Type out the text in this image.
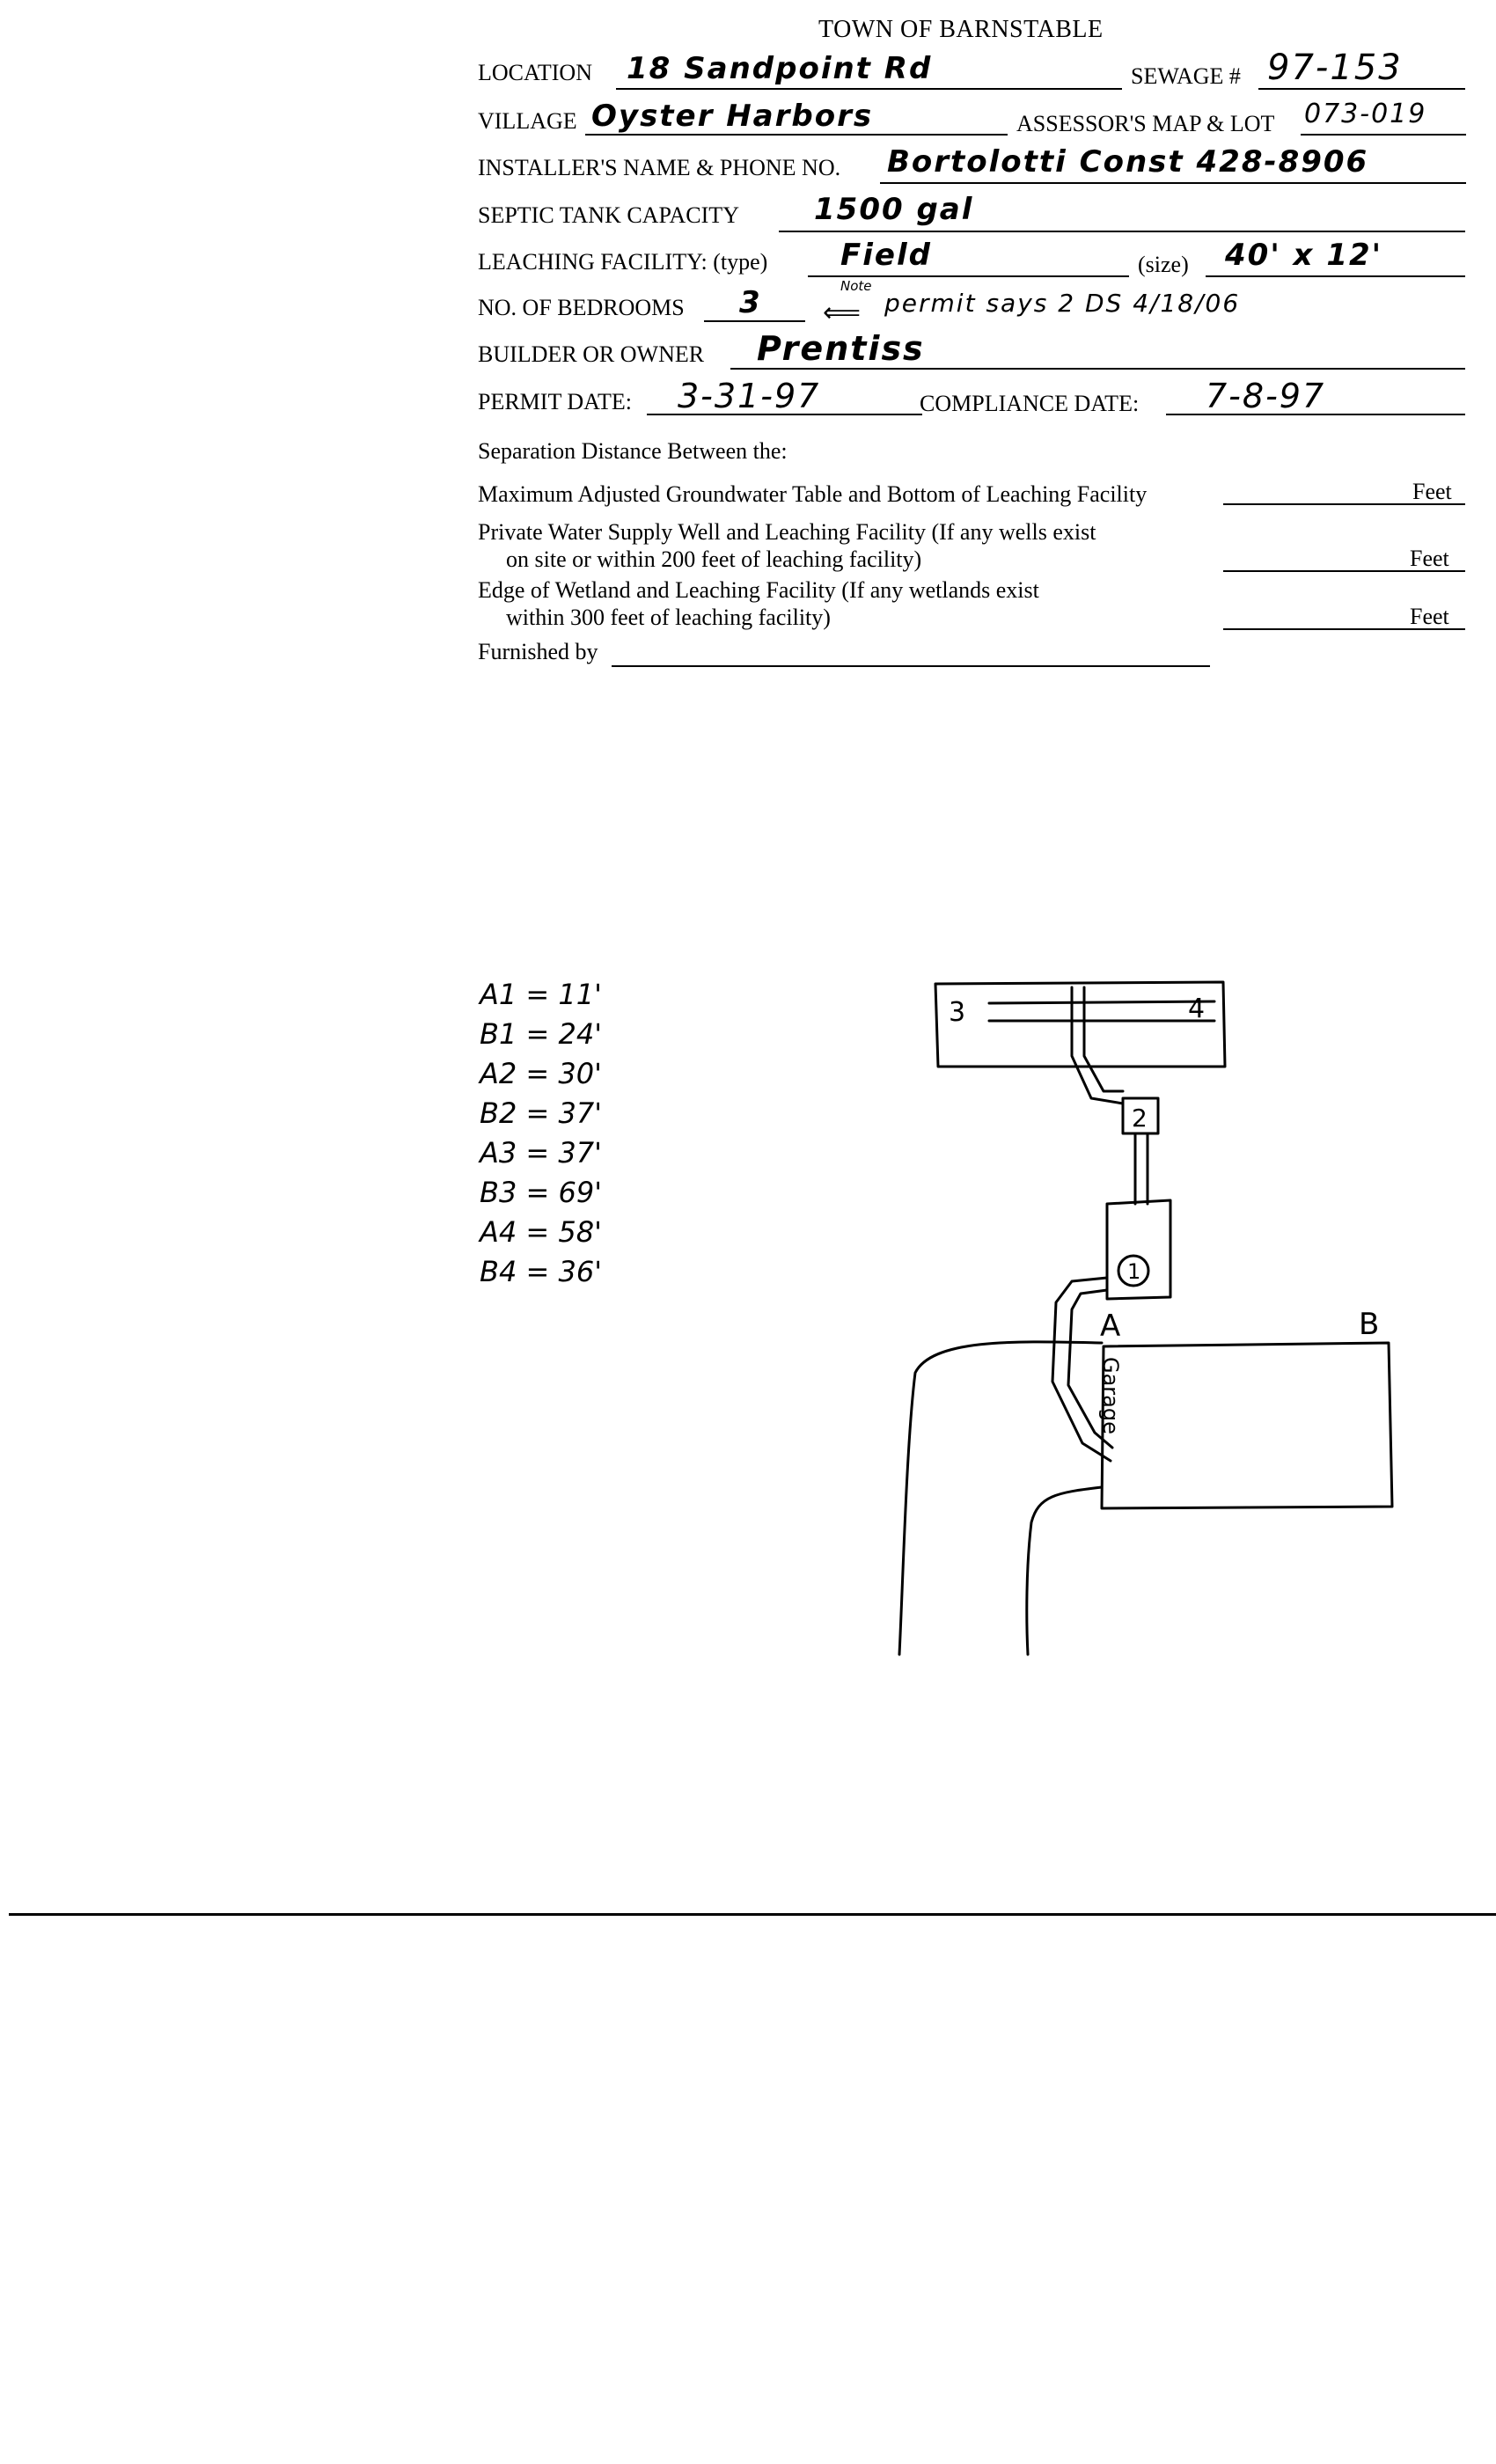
TOWN OF BARNSTABLE
LOCATION 18 Sandpoint Rd	SEWAGE # 97-153
VILLAGE Oyster Harbors	ASSESSOR'S MAP & LOT 073-019
INSTALLER'S NAME & PHONE NO. Bortolotti Const 428-8906
SEPTIC TANK CAPACITY	1500 gal
LEACHING FACILITY: (type) Field	(size) 40' x 12'
NO. OF BEDROOMS 3 ⟸
Note
permit says 2 DS 4/18/06
BUILDER OR OWNER Prentiss
PERMIT DATE: 3-31-97	COMPLIANCE DATE: 7-8-97
Separation Distance Between the:
Maximum Adjusted Groundwater Table and Bottom of Leaching Facility	Feet
Private Water Supply Well and Leaching Facility (If any wells exist
on site or within 200 feet of leaching facility)	Feet
Edge of Wetland and Leaching Facility (If any wetlands exist
within 300 feet of leaching facility)	Feet
Furnished by
A1 = 11'
B1 = 24'
A2 = 30'
B2 = 37'
A3 = 37'
B3 = 69'
A4 = 58'
B4 = 36'
3	4
2
1
A	B
Garage
